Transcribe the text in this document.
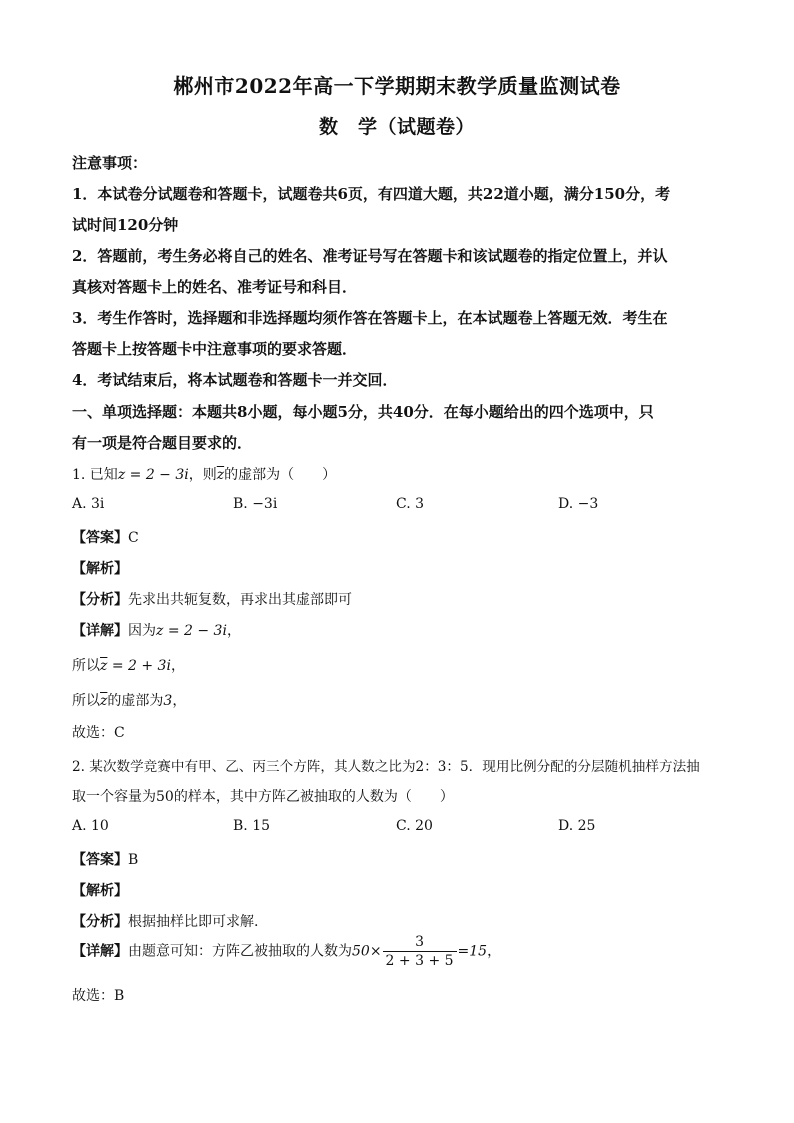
郴州市2022年高一下学期期末教学质量监测试卷
数　学（试题卷）
注意事项：
1．本试卷分试题卷和答题卡，试题卷共6页，有四道大题，共22道小题，满分150分，考
试时间120分钟
2．答题前，考生务必将自己的姓名、准考证号写在答题卡和该试题卷的指定位置上，并认
真核对答题卡上的姓名、准考证号和科目．
3．考生作答时，选择题和非选择题均须作答在答题卡上，在本试题卷上答题无效．考生在
答题卡上按答题卡中注意事项的要求答题．
4．考试结束后，将本试题卷和答题卡一并交回．
一、单项选择题：本题共8小题，每小题5分，共40分．在每小题给出的四个选项中，只
有一项是符合题目要求的．
1. 已知z = 2 − 3i，则$\overline{z}$的虚部为（　　）
A. 3i	B. −3i	C. 3	D. −3
【答案】C
【解析】
【分析】先求出共轭复数，再求出其虚部即可
【详解】因为z = 2 − 3i，
所以$\overline{z} = 2 + 3i$，
所以$\overline{z}$的虚部为3，
故选：C
2. 某次数学竞赛中有甲、乙、丙三个方阵，其人数之比为2：3：5．现用比例分配的分层随机抽样方法抽
取一个容量为50的样本，其中方阵乙被抽取的人数为（　　）
A. 10	B. 15	C. 20	D. 25
【答案】B
【解析】
【分析】根据抽样比即可求解.
【详解】由题意可知：方阵乙被抽取的人数为$50\times \frac{3}{2 + 3 + 5} =15$，
故选：B
